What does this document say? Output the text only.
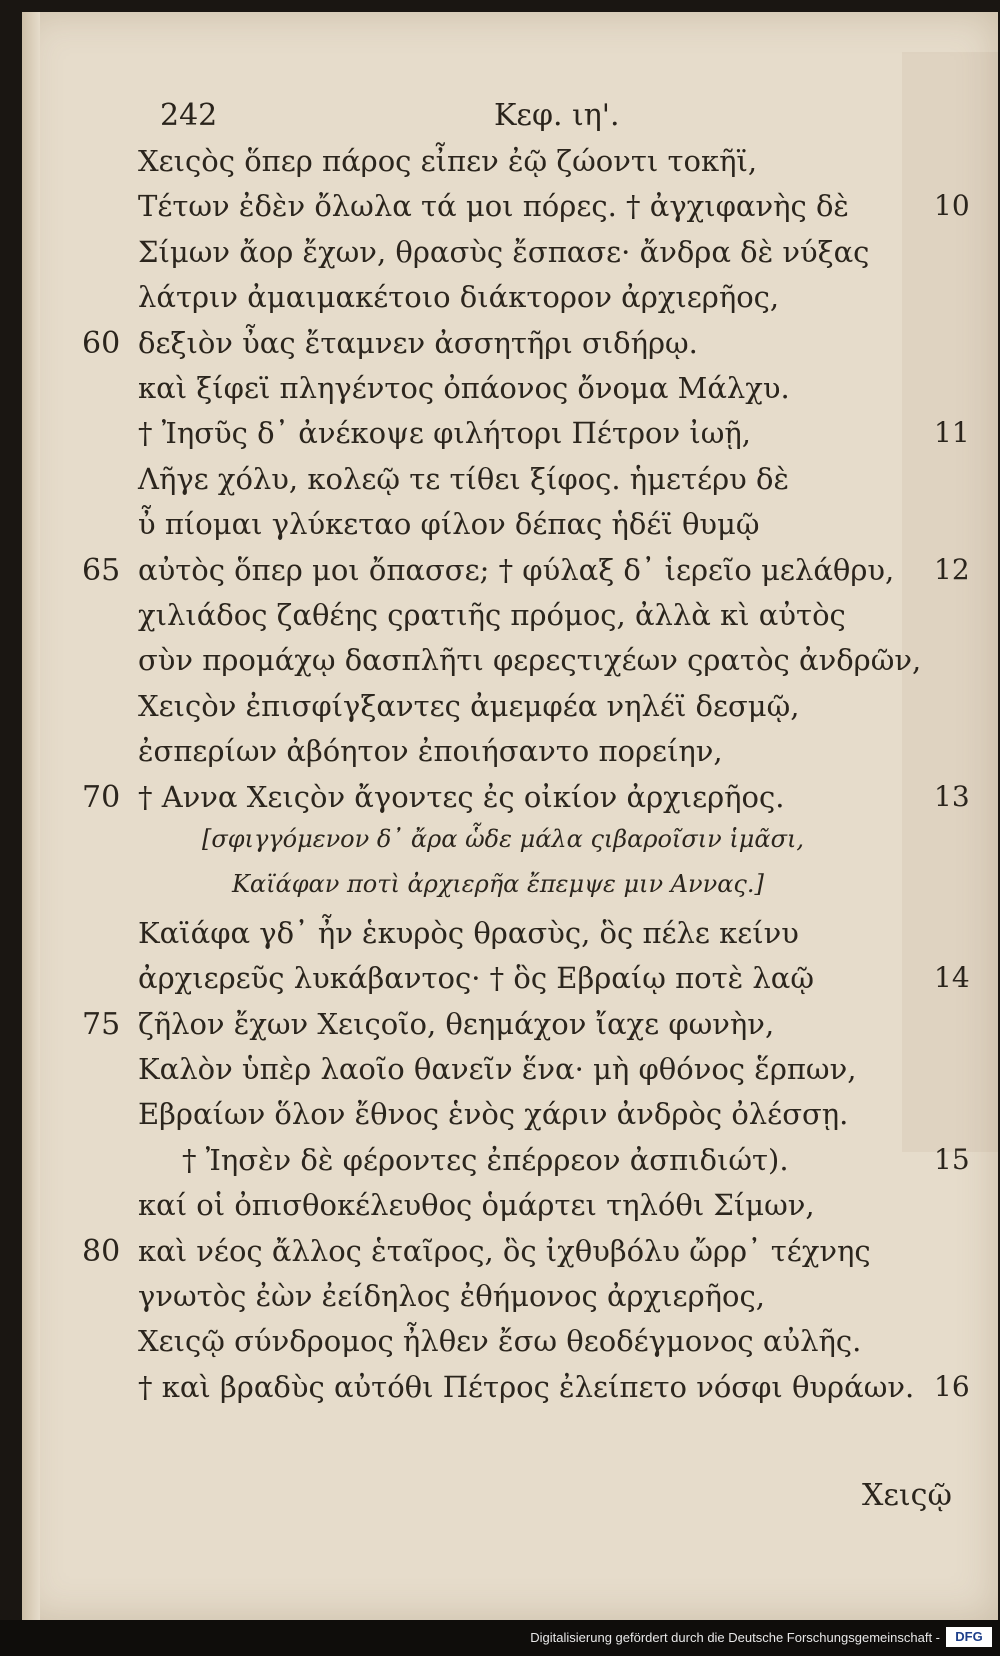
242	Κεφ. ιη'.
Χειςὸς ὅπερ πάρος εἶπεν ἐῷ ζώοντι τοκῆϊ,
Τέτων ἐδὲν ὄλωλα τά μοι πόρες. † ἀγχιφανὴς δὲ	10
Σίμων ἄορ ἔχων, θρασὺς ἔσπασε· ἄνδρα δὲ νύξας
λάτριν ἀμαιμακέτοιο διάκτορον ἀρχιερῆος,
60 δεξιὸν ὖας ἔταμνεν ἀσσητῆρι σιδήρῳ.
καὶ ξίφεϊ πληγέντος ὀπάονος ὄνομα Μάλχυ.
† Ἰησῦς δ᾽ ἀνέκοψε φιλήτορι Πέτρον ἰωῇ,	11
Λῆγε χόλυ, κολεῷ τε τίθει ξίφος. ἡμετέρυ δὲ
ὖ πίομαι γλύκεταο φίλον δέπας ἡδέϊ θυμῷ
65 αὐτὸς ὅπερ μοι ὄπασσε; † φύλαξ δ᾽ ἱερεῖο μελάθρυ, 12
χιλιάδος ζαθέης ςρατιῆς πρόμος, ἀλλὰ κὶ αὐτὸς
σὺν προμάχῳ δασπλῆτι φερεςτιχέων ςρατὸς ἀνδρῶν,
Χειςὸν ἐπισφίγξαντες ἀμεμφέα νηλέϊ δεσμῷ,
ἐσπερίων ἀβόητον ἐποιήσαντο πορείην,
70 † Αννα Χειςὸν ἄγοντες ἐς οἰκίον ἀρχιερῆος.	13
[σφιγγόμενον δ᾽ ἄρα ὧδε μάλα ςιβαροῖσιν ἱμᾶσι,
Καϊάφαν ποτὶ ἀρχιερῆα ἔπεμψε μιν Αννας.]
Καϊάφα γδ᾽ ἦν ἑκυρὸς θρασὺς, ὃς πέλε κείνυ
ἀρχιερεῦς λυκάβαντος· † ὃς Εβραίῳ ποτὲ λαῷ	14
75 ζῆλον ἔχων Χειςοῖο, θεημάχον ἴαχε φωνὴν,
Καλὸν ὑπὲρ λαοῖο θανεῖν ἕνα· μὴ φθόνος ἕρπων,
Εβραίων ὅλον ἔθνος ἑνὸς χάριν ἀνδρὸς ὀλέσσῃ.
† Ἰησὲν δὲ φέροντες ἐπέρρεον ἀσπιδιώτ).	15
καί οἱ ὀπισθοκέλευθος ὁμάρτει τηλόθι Σίμων,
80 καὶ νέος ἄλλος ἑταῖρος, ὃς ἰχθυβόλυ ὤρρ᾽ τέχνης
γνωτὸς ἐὼν ἐείδηλος ἐθήμονος ἀρχιερῆος,
Χειςῷ σύνδρομος ἦλθεν ἔσω θεοδέγμονος αὐλῆς.
† καὶ βραδὺς αὐτόθι Πέτρος ἐλείπετο νόσφι θυράων. 16
Χειςῷ
Digitalisierung gefördert durch die Deutsche Forschungsgemeinschaft -	DFG
